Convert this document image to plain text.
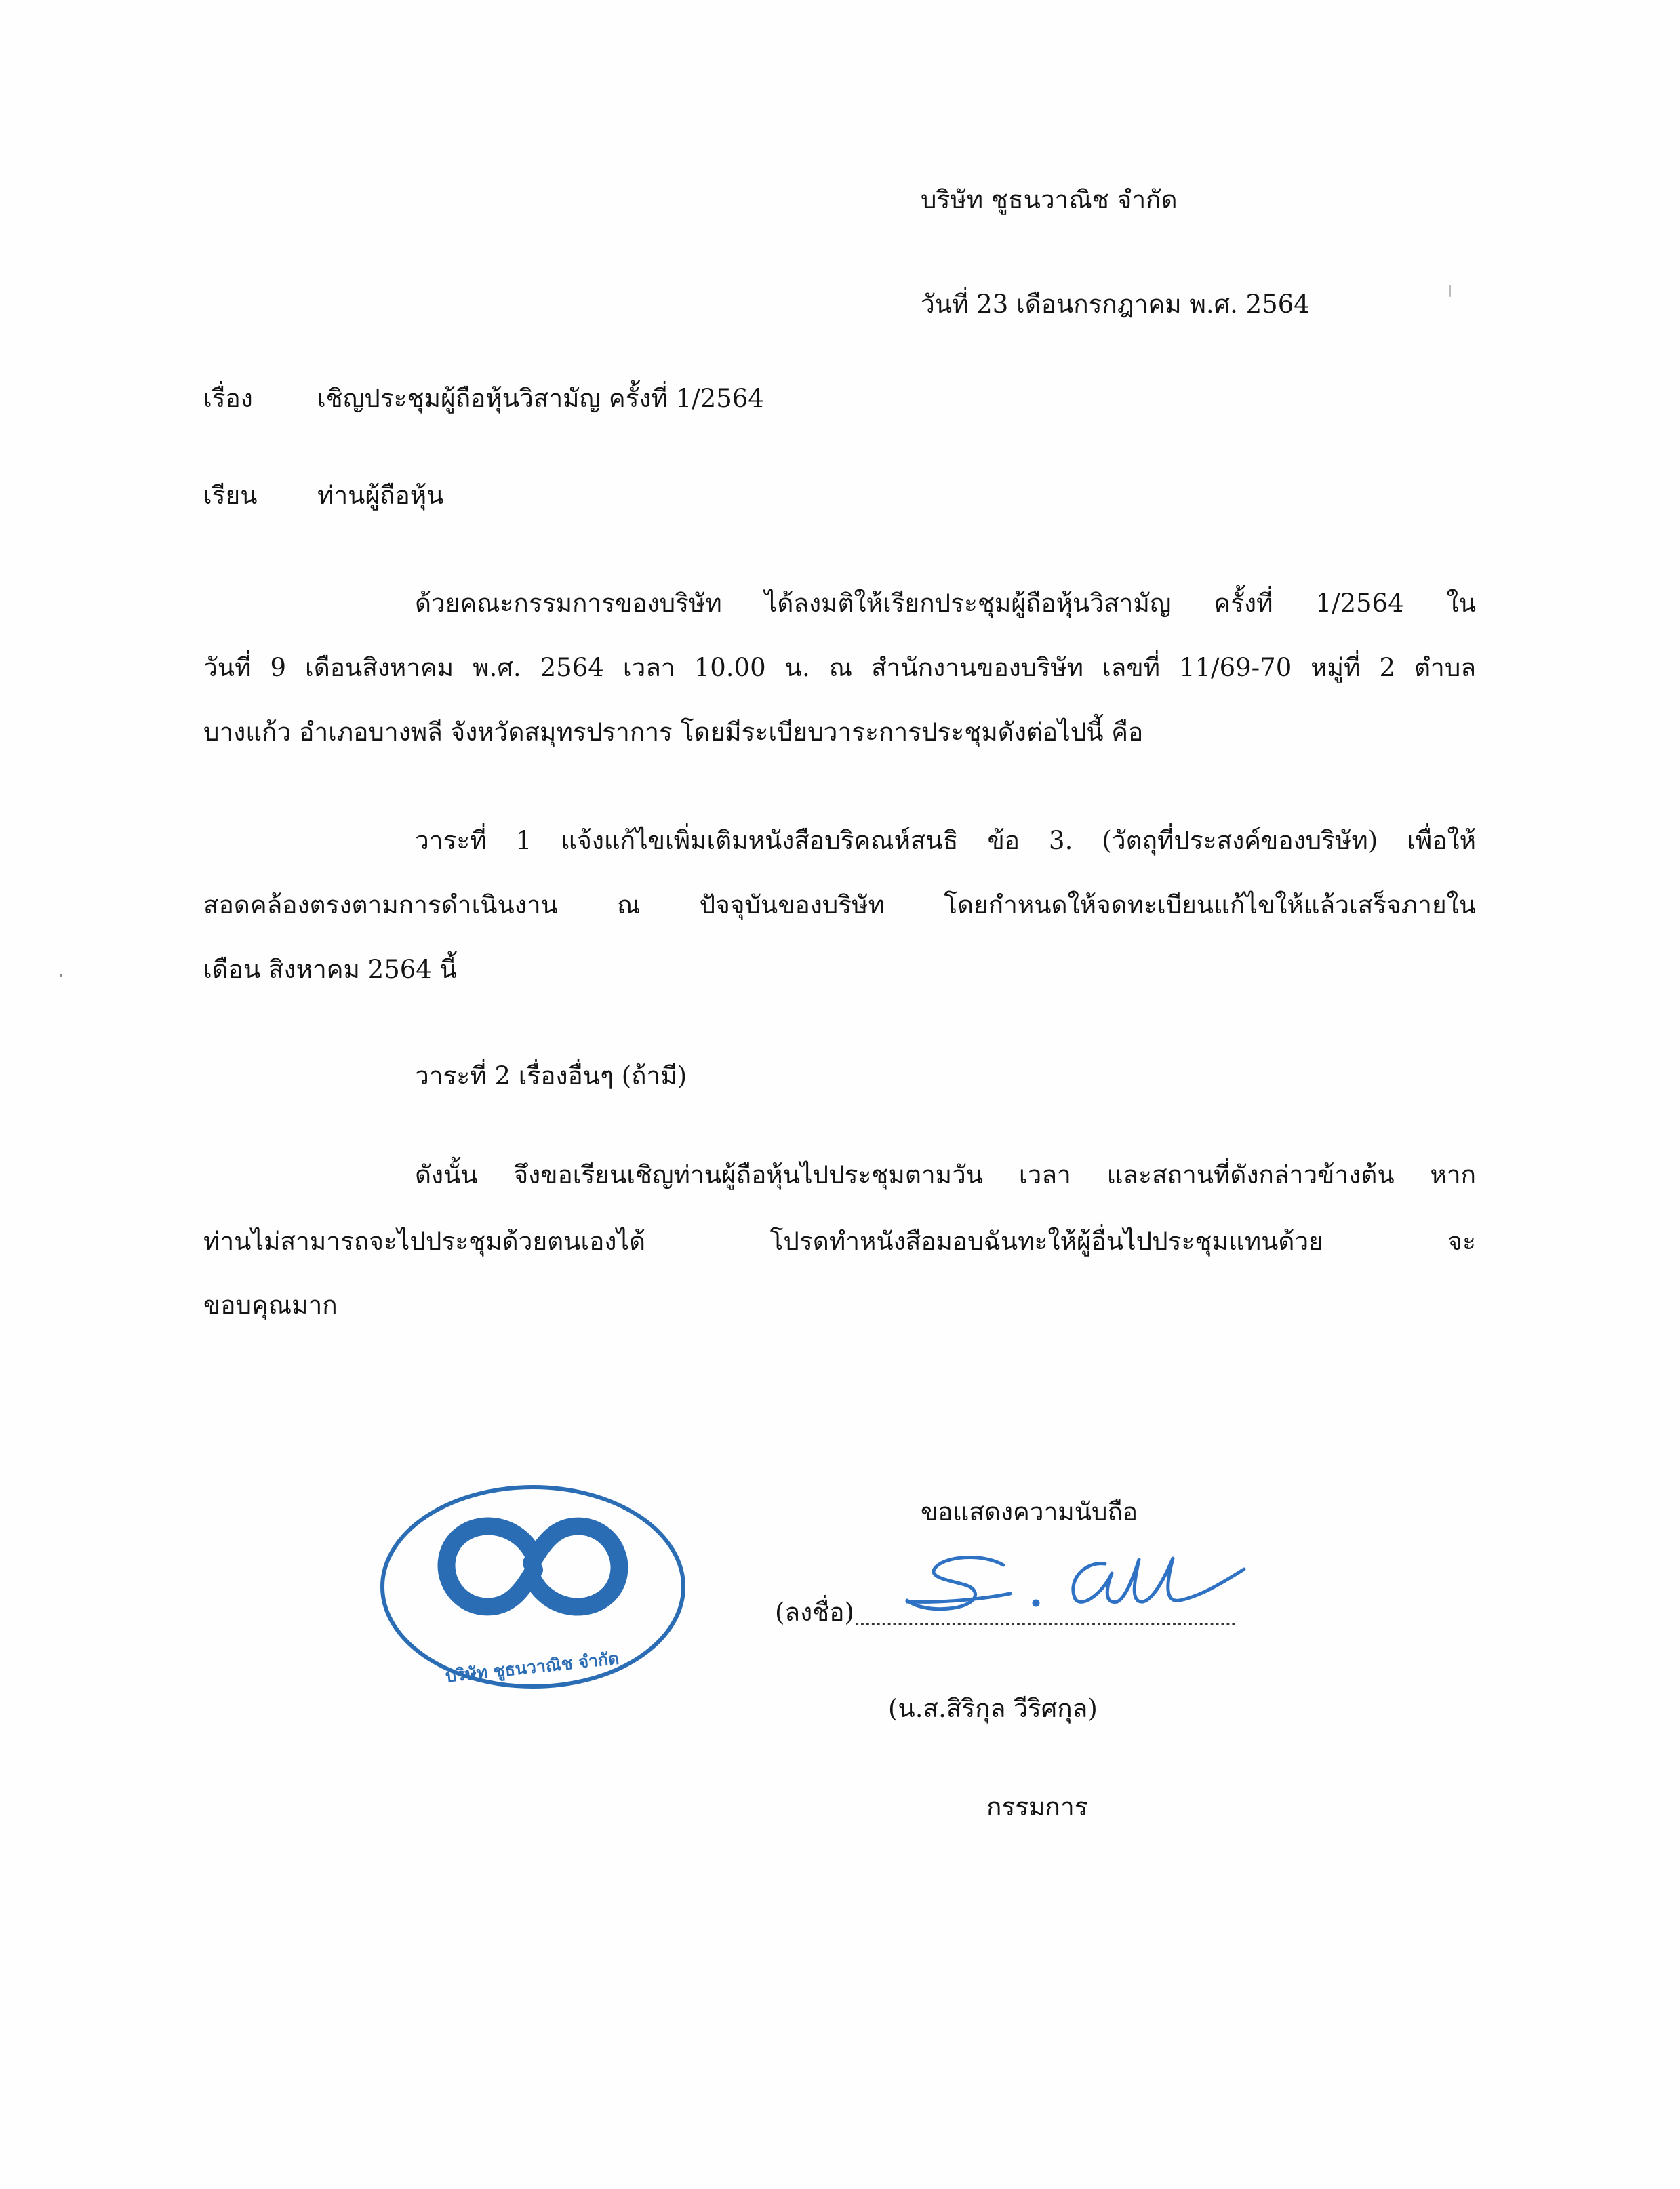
บริษัท ชูธนวาณิช จำกัด
วันที่ 23 เดือนกรกฎาคม พ.ศ. 2564
เรื่อง	เชิญประชุมผู้ถือหุ้นวิสามัญ ครั้งที่ 1/2564
เรียน ท่านผู้ถือหุ้น
ด้วยคณะกรรมการของบริษัท ได้ลงมติให้เรียกประชุมผู้ถือหุ้นวิสามัญ ครั้งที่ 1/2564 ใน
วันที่ 9 เดือนสิงหาคม พ.ศ. 2564 เวลา 10.00 น. ณ สำนักงานของบริษัท เลขที่ 11/69-70 หมู่ที่ 2 ตำบล
บางแก้ว อำเภอบางพลี จังหวัดสมุทรปราการ โดยมีระเบียบวาระการประชุมดังต่อไปนี้ คือ
วาระที่ 1 แจ้งแก้ไขเพิ่มเติมหนังสือบริคณห์สนธิ ข้อ 3. (วัตถุที่ประสงค์ของบริษัท) เพื่อให้
สอดคล้องตรงตามการดำเนินงาน ณ ปัจจุบันของบริษัท โดยกำหนดให้จดทะเบียนแก้ไขให้แล้วเสร็จภายใน
เดือน สิงหาคม 2564 นี้
วาระที่ 2 เรื่องอื่นๆ (ถ้ามี)
ดังนั้น จึงขอเรียนเชิญท่านผู้ถือหุ้นไปประชุมตามวัน เวลา และสถานที่ดังกล่าวข้างต้น หาก
ท่านไม่สามารถจะไปประชุมด้วยตนเองได้ โปรดทำหนังสือมอบฉันทะให้ผู้อื่นไปประชุมแทนด้วย จะ
ขอบคุณมาก
ขอแสดงความนับถือ
(ลงชื่อ)
(น.ส.สิริกุล วีริศกุล)
กรรมการ
บริษัท ชูธนวาณิช จำกัด
